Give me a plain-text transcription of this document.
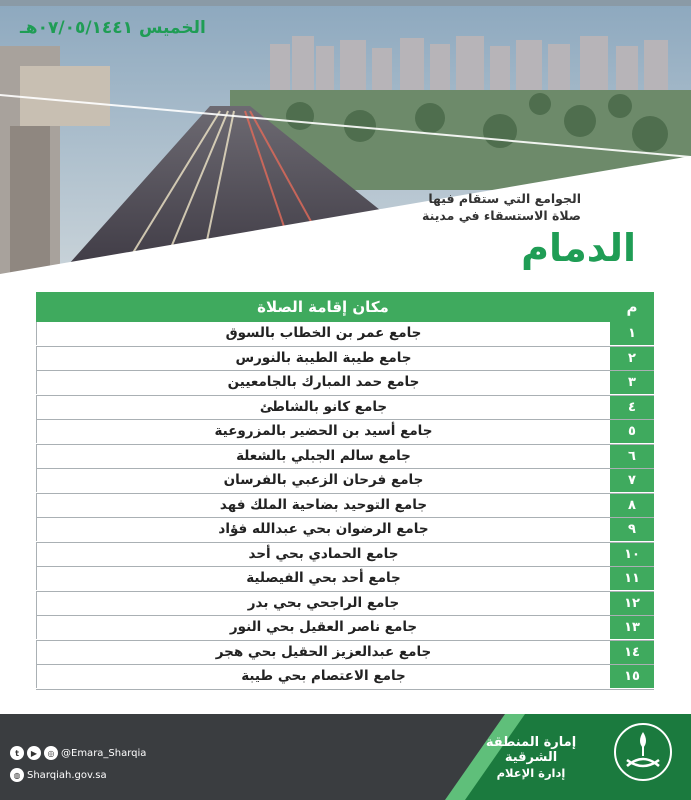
الخميس ٠٧/٠٥/١٤٤١هـ
الجوامع التي ستقام فيها
صلاة الاستسقاء في مدينة
الدمام
م
مكان إقامة الصلاة
١
جامع عمر بن الخطاب بالسوق
٢
جامع طيبة الطيبة بالنورس
٣
جامع حمد المبارك بالجامعيين
٤
جامع كانو بالشاطئ
٥
جامع أسيد بن الحضير بالمزروعية
٦
جامع سالم الجبلي بالشعلة
٧
جامع فرحان الزعبي بالفرسان
٨
جامع التوحيد بضاحية الملك فهد
٩
جامع الرضوان بحي عبدالله فؤاد
١٠
جامع الحمادي بحي أحد
١١
جامع أحد بحي الفيصلية
١٢
جامع الراجحي بحي بدر
١٣
جامع ناصر العقيل بحي النور
١٤
جامع عبدالعزيز الحقيل بحي هجر
١٥
جامع الاعتصام بحي طيبة
t	▶	◎ @Emara_Sharqia
◍ Sharqiah.gov.sa
إمارة المنطقة الشرقية
إدارة الإعلام
